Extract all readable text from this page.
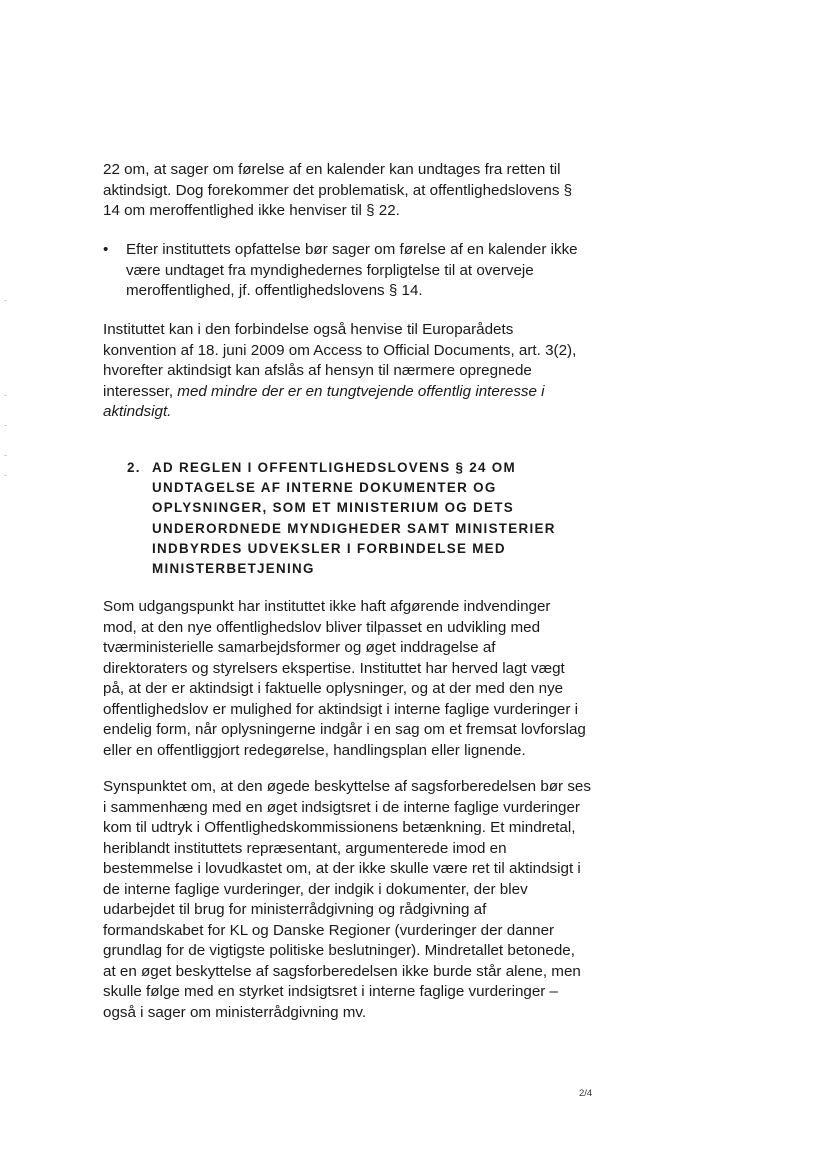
22 om, at sager om førelse af en kalender kan undtages fra retten til
aktindsigt. Dog forekommer det problematisk, at offentlighedslovens §
14 om meroffentlighed ikke henviser til § 22.
•	Efter instituttets opfattelse bør sager om førelse af en kalender ikke
være undtaget fra myndighedernes forpligtelse til at overveje
meroffentlighed, jf. offentlighedslovens § 14.
Instituttet kan i den forbindelse også henvise til Europarådets
konvention af 18. juni 2009 om Access to Official Documents, art. 3(2),
hvorefter aktindsigt kan afslås af hensyn til nærmere opregnede
interesser, med mindre der er en tungtvejende offentlig interesse i
aktindsigt.
2. AD REGLEN I OFFENTLIGHEDSLOVENS § 24 OM
UNDTAGELSE AF INTERNE DOKUMENTER OG
OPLYSNINGER, SOM ET MINISTERIUM OG DETS
UNDERORDNEDE MYNDIGHEDER SAMT MINISTERIER
INDBYRDES UDVEKSLER I FORBINDELSE MED
MINISTERBETJENING
Som udgangspunkt har instituttet ikke haft afgørende indvendinger
mod, at den nye offentlighedslov bliver tilpasset en udvikling med
tværministerielle samarbejdsformer og øget inddragelse af
direktoraters og styrelsers ekspertise. Instituttet har herved lagt vægt
på, at der er aktindsigt i faktuelle oplysninger, og at der med den nye
offentlighedslov er mulighed for aktindsigt i interne faglige vurderinger i
endelig form, når oplysningerne indgår i en sag om et fremsat lovforslag
eller en offentliggjort redegørelse, handlingsplan eller lignende.
Synspunktet om, at den øgede beskyttelse af sagsforberedelsen bør ses
i sammenhæng med en øget indsigtsret i de interne faglige vurderinger
kom til udtryk i Offentlighedskommissionens betænkning. Et mindretal,
heriblandt instituttets repræsentant, argumenterede imod en
bestemmelse i lovudkastet om, at der ikke skulle være ret til aktindsigt i
de interne faglige vurderinger, der indgik i dokumenter, der blev
udarbejdet til brug for ministerrådgivning og rådgivning af
formandskabet for KL og Danske Regioner (vurderinger der danner
grundlag for de vigtigste politiske beslutninger). Mindretallet betonede,
at en øget beskyttelse af sagsforberedelsen ikke burde står alene, men
skulle følge med en styrket indsigtsret i interne faglige vurderinger –
også i sager om ministerrådgivning mv.
2/4
